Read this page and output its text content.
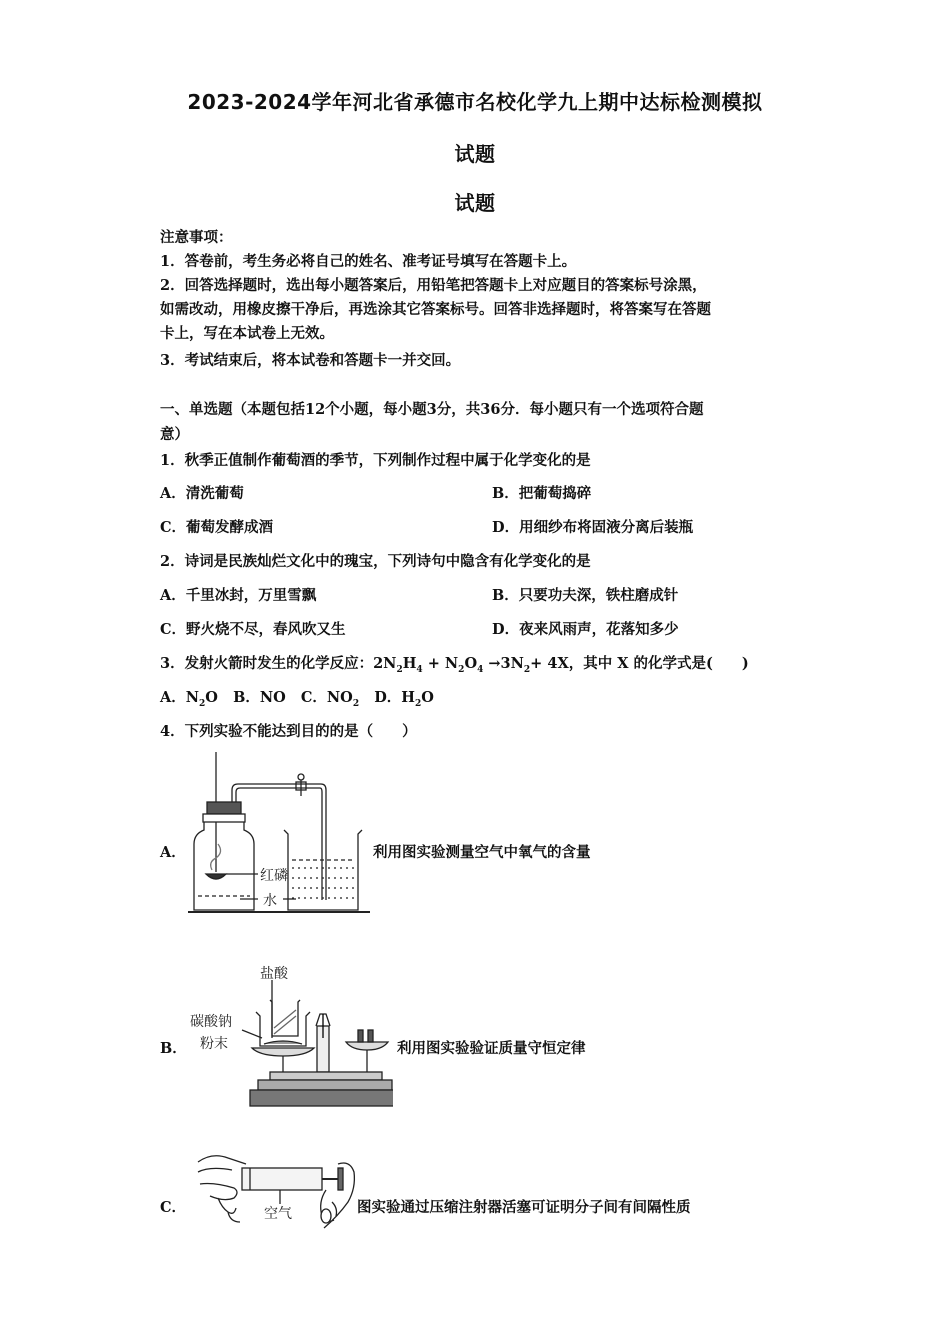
2023-2024学年河北省承德市名校化学九上期中达标检测模拟
试题
试题
注意事项：
1．答卷前，考生务必将自己的姓名、准考证号填写在答题卡上。
2．回答选择题时，选出每小题答案后，用铅笔把答题卡上对应题目的答案标号涂黑，
如需改动，用橡皮擦干净后，再选涂其它答案标号。回答非选择题时，将答案写在答题
卡上，写在本试卷上无效。
3．考试结束后，将本试卷和答题卡一并交回。
一、单选题（本题包括12个小题，每小题3分，共36分．每小题只有一个选项符合题
意）
1．秋季正值制作葡萄酒的季节，下列制作过程中属于化学变化的是
A．清洗葡萄	B．把葡萄捣碎
C．葡萄发酵成酒	D．用细纱布将固液分离后装瓶
2．诗词是民族灿烂文化中的瑰宝，下列诗句中隐含有化学变化的是
A．千里冰封，万里雪飘	B．只要功夫深，铁柱磨成针
C．野火烧不尽，春风吹又生	D．夜来风雨声，花落知多少
3．发射火箭时发生的化学反应：$2N_2H_4 + N_2O_4 \to 3N_2+ 4X$，其中 X 的化学式是(　　)
A．$N_2O$ B．NO C．$NO_2$ D．$H_2O$
4．下列实验不能达到目的的是（　　）
A．
红磷
水
利用图实验测量空气中氧气的含量
B．
盐酸
碳酸钠
粉末	利用图实验验证质量守恒定律
C．	空气	图实验通过压缩注射器活塞可证明分子间有间隔性质
